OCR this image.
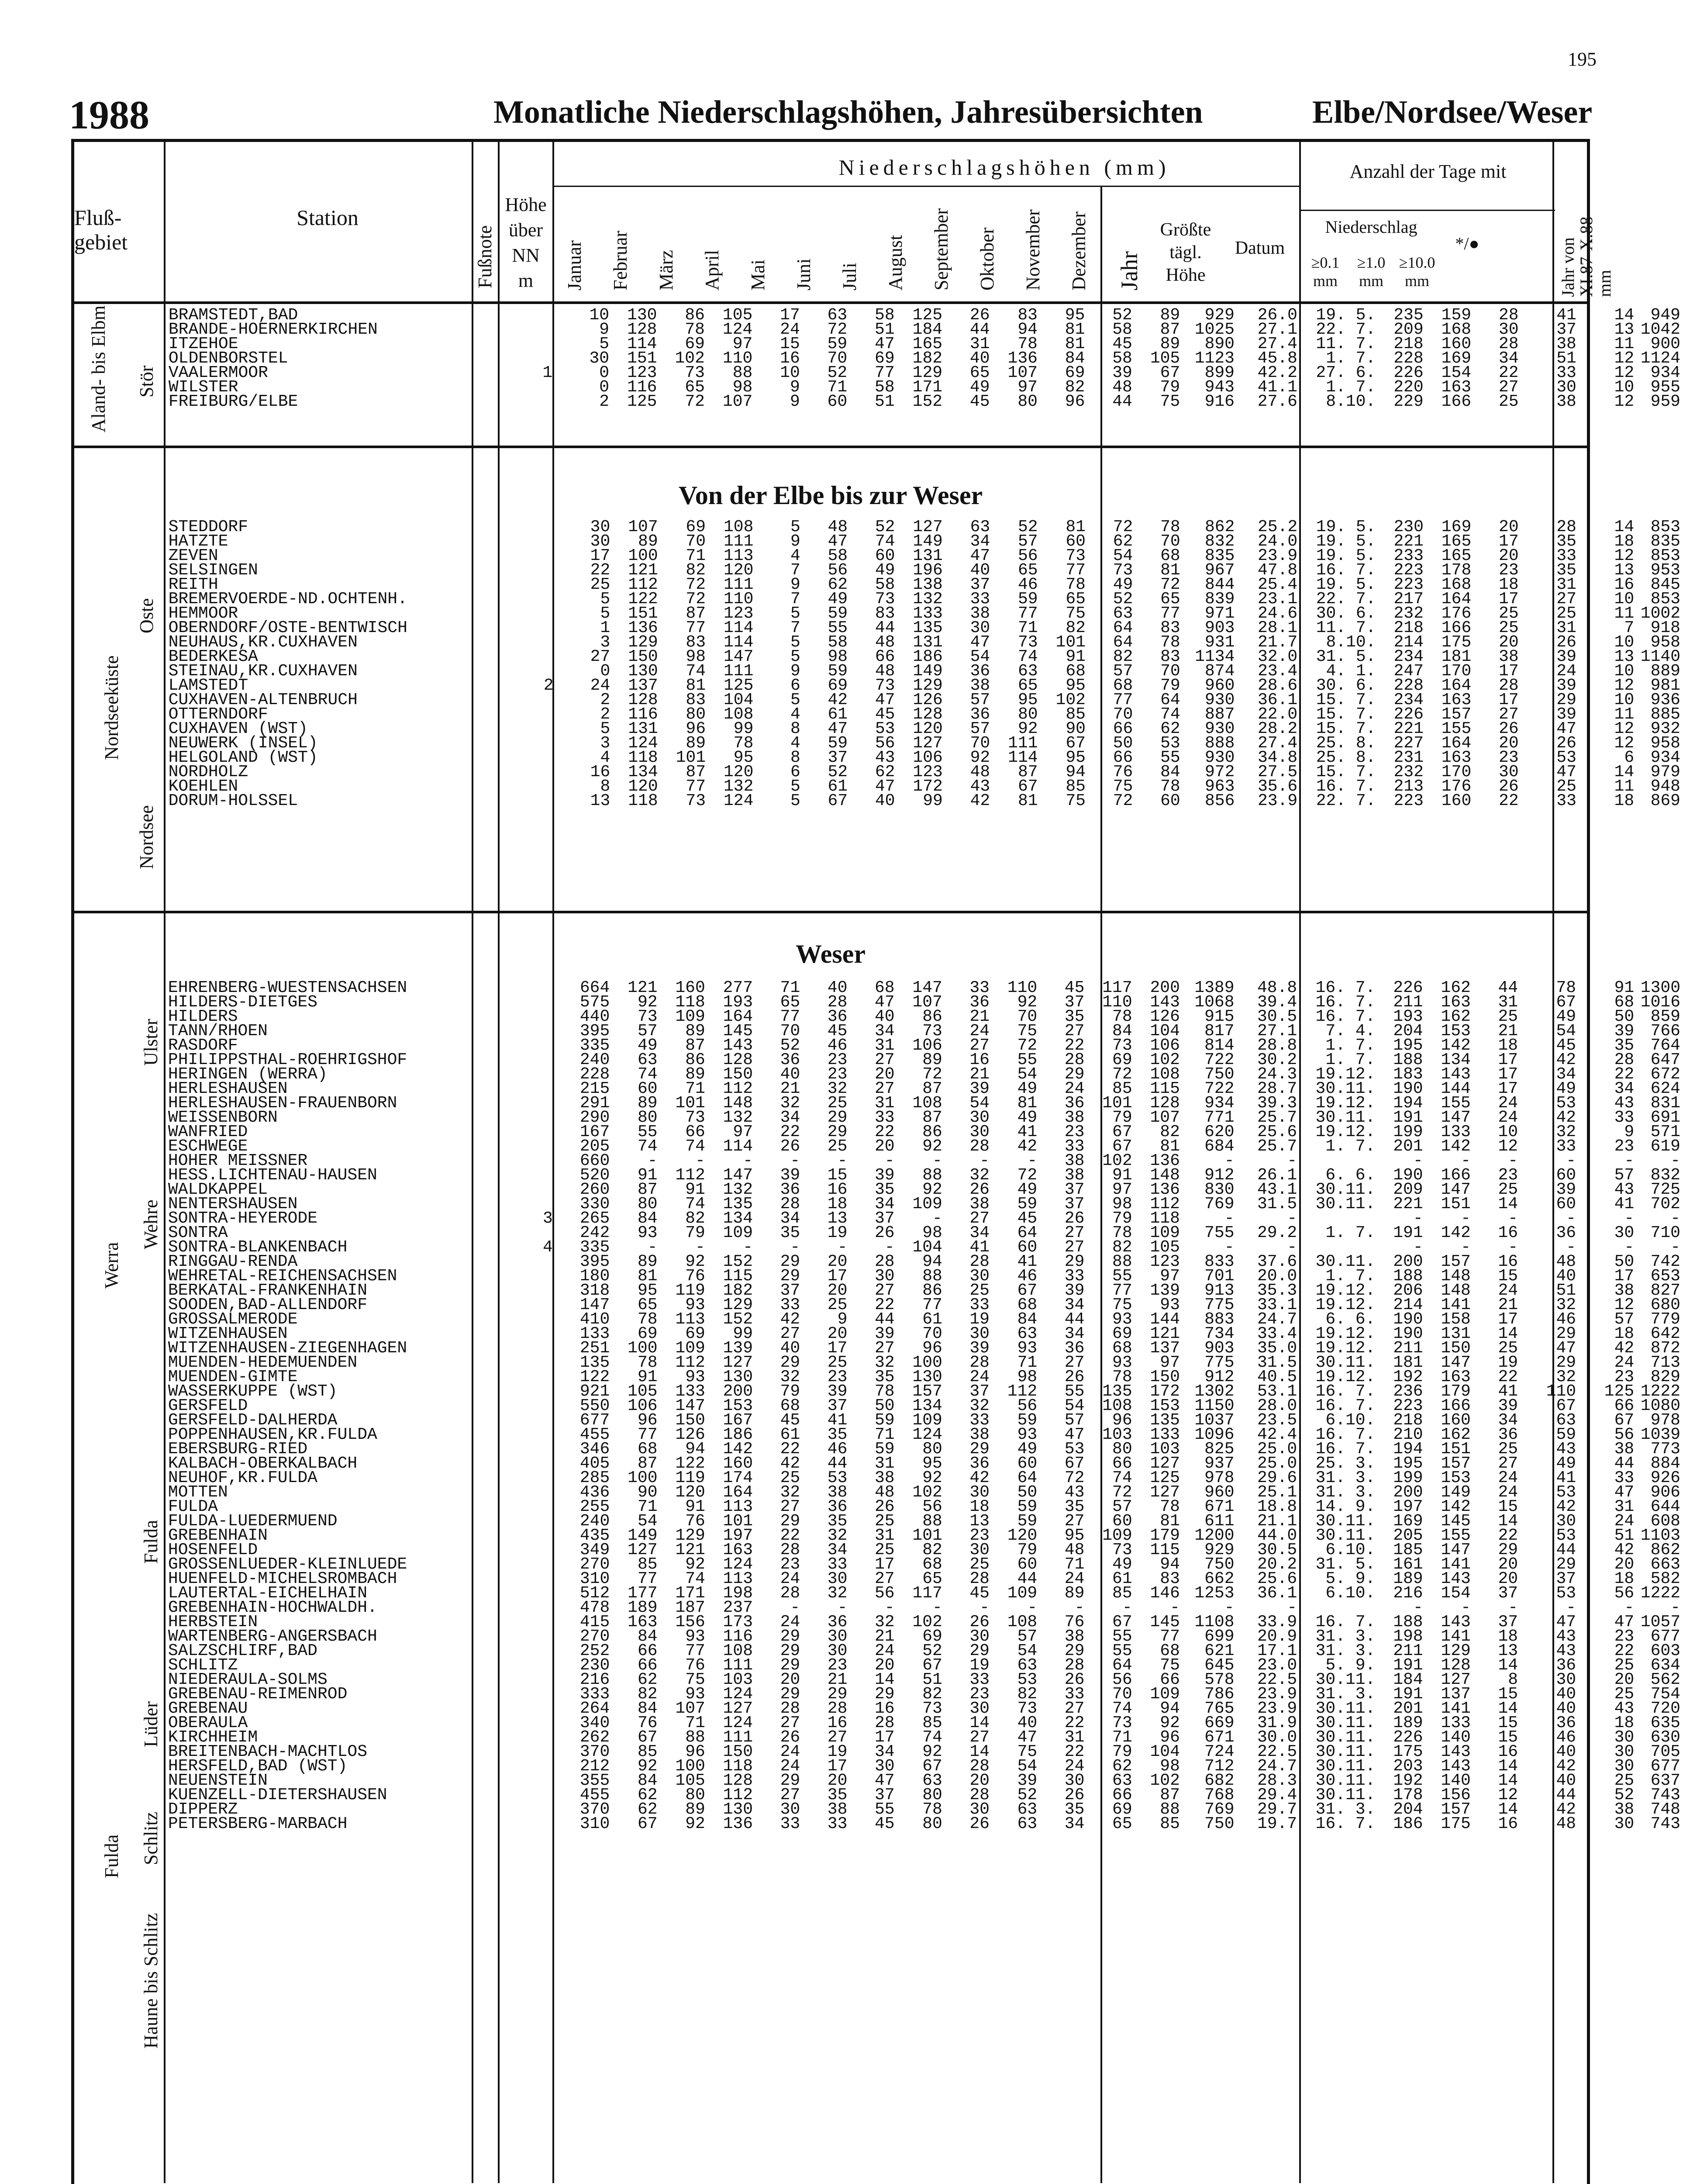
195
1988	Monatliche Niederschlagshöhen, Jahresübersichten	Elbe/Nordsee/Weser
Fluß-
gebiet
Station
Fußnote
Höhe
über
NN
m
Niederschlagshöhen (mm)
Januar Februar März April Mai Juni Juli August September Oktober November Dezember Jahr
Größte
tägl.
Höhe
Datum
Anzahl der Tage mit
Niederschlag
≥0.1
mm
≥1.0
mm
≥10.0
mm
*/●	✱⃞
Jahr von
XI.87-X.88
mm
Von der Elbe bis zur Weser
Weser
Aland- bis Elbm. Stör
Nordseeküste
Oste
Nordsee
Werra
Ulster
Wehre
Fulda
Lüder
Fulda Schlitz
Haune bis Schlitz
	BRAMSTEDT,BAD		10	130	86	105	17	63	58	125	26	83	95	52	89	929	26.0	19. 5.	235	159	28	41	14	949
	BRANDE-HOERNERKIRCHEN		9	128	78	124	24	72	51	184	44	94	81	58	87	1025	27.1	22. 7.	209	168	30	37	13	1042
	ITZEHOE		5	114	69	97	15	59	47	165	31	78	81	45	89	890	27.4	11. 7.	218	160	28	38	11	900
	OLDENBORSTEL		30	151	102	110	16	70	69	182	40	136	84	58	105	1123	45.8	1. 7.	228	169	34	51	12	1124
	VAALERMOOR	1	0	123	73	88	10	52	77	129	65	107	69	39	67	899	42.2	27. 6.	226	154	22	33	12	934
	WILSTER		0	116	65	98	9	71	58	171	49	97	82	48	79	943	41.1	1. 7.	220	163	27	30	10	955
	FREIBURG/ELBE		2	125	72	107	9	60	51	152	45	80	96	44	75	916	27.6	8.10.	229	166	25	38	12	959
	STEDDORF		30	107	69	108	5	48	52	127	63	52	81	72	78	862	25.2	19. 5.	230	169	20	28	14	853
	HATZTE		30	89	70	111	9	47	74	149	34	57	60	62	70	832	24.0	19. 5.	221	165	17	35	18	835
	ZEVEN		17	100	71	113	4	58	60	131	47	56	73	54	68	835	23.9	19. 5.	233	165	20	33	12	853
	SELSINGEN		22	121	82	120	7	56	49	196	40	65	77	73	81	967	47.8	16. 7.	223	178	23	35	13	953
	REITH		25	112	72	111	9	62	58	138	37	46	78	49	72	844	25.4	19. 5.	223	168	18	31	16	845
	BREMERVOERDE-ND.OCHTENH.		5	122	72	110	7	49	73	132	33	59	65	52	65	839	23.1	22. 7.	217	164	17	27	10	853
	HEMMOOR		5	151	87	123	5	59	83	133	38	77	75	63	77	971	24.6	30. 6.	232	176	25	25	11	1002
	OBERNDORF/OSTE-BENTWISCH		1	136	77	114	7	55	44	135	30	71	82	64	83	903	28.1	11. 7.	218	166	25	31	7	918
	NEUHAUS,KR.CUXHAVEN		3	129	83	114	5	58	48	131	47	73	101	64	78	931	21.7	8.10.	214	175	20	26	10	958
	BEDERKESA		27	150	98	147	5	98	66	186	54	74	91	82	83	1134	32.0	31. 5.	234	181	38	39	13	1140
	STEINAU,KR.CUXHAVEN		0	130	74	111	9	59	48	149	36	63	68	57	70	874	23.4	4. 1.	247	170	17	24	10	889
	LAMSTEDT	2	24	137	81	125	6	69	73	129	38	65	95	68	79	960	28.6	30. 6.	228	164	28	39	12	981
	CUXHAVEN-ALTENBRUCH		2	128	83	104	5	42	47	126	57	95	102	77	64	930	36.1	15. 7.	234	163	17	29	10	936
	OTTERNDORF		2	116	80	108	4	61	45	128	36	80	85	70	74	887	22.0	15. 7.	226	157	27	39	11	885
	CUXHAVEN (WST)		5	131	96	99	8	47	53	120	57	92	90	66	62	930	28.2	15. 7.	221	155	26	47	12	932
	NEUWERK (INSEL)		3	124	89	78	4	59	56	127	70	111	67	50	53	888	27.4	25. 8.	227	164	20	26	12	958
	HELGOLAND (WST)		4	118	101	95	8	37	43	106	92	114	95	66	55	930	34.8	25. 8.	231	163	23	53	6	934
	NORDHOLZ		16	134	87	120	6	52	62	123	48	87	94	76	84	972	27.5	15. 7.	232	170	30	47	14	979
	KOEHLEN		8	120	77	132	5	61	47	172	43	67	85	75	78	963	35.6	16. 7.	213	176	26	25	11	948
	DORUM-HOLSSEL		13	118	73	124	5	67	40	99	42	81	75	72	60	856	23.9	22. 7.	223	160	22	33	18	869
	EHRENBERG-WUESTENSACHSEN		664	121	160	277	71	40	68	147	33	110	45	117	200	1389	48.8	16. 7.	226	162	44	78	91	1300
	HILDERS-DIETGES		575	92	118	193	65	28	47	107	36	92	37	110	143	1068	39.4	16. 7.	211	163	31	67	68	1016
	HILDERS		440	73	109	164	77	36	40	86	21	70	35	78	126	915	30.5	16. 7.	193	162	25	49	50	859
	TANN/RHOEN		395	57	89	145	70	45	34	73	24	75	27	84	104	817	27.1	7. 4.	204	153	21	54	39	766
	RASDORF		335	49	87	143	52	46	31	106	27	72	22	73	106	814	28.8	1. 7.	195	142	18	45	35	764
	PHILIPPSTHAL-ROEHRIGSHOF		240	63	86	128	36	23	27	89	16	55	28	69	102	722	30.2	1. 7.	188	134	17	42	28	647
	HERINGEN (WERRA)		228	74	89	150	40	23	20	72	21	54	29	72	108	750	24.3	19.12.	183	143	17	34	22	672
	HERLESHAUSEN		215	60	71	112	21	32	27	87	39	49	24	85	115	722	28.7	30.11.	190	144	17	49	34	624
	HERLESHAUSEN-FRAUENBORN		291	89	101	148	32	25	31	108	54	81	36	101	128	934	39.3	19.12.	194	155	24	53	43	831
	WEISSENBORN		290	80	73	132	34	29	33	87	30	49	38	79	107	771	25.7	30.11.	191	147	24	42	33	691
	WANFRIED		167	55	66	97	22	29	22	86	30	41	23	67	82	620	25.6	19.12.	199	133	10	32	9	571
	ESCHWEGE		205	74	74	114	26	25	20	92	28	42	33	67	81	684	25.7	1. 7.	201	142	12	33	23	619
	HOHER MEISSNER		660	-	-	-	-	-	-	-	-	-	38	102	136	-	-		-	-	-	-	-	-
	HESS.LICHTENAU-HAUSEN		520	91	112	147	39	15	39	88	32	72	38	91	148	912	26.1	6. 6.	190	166	23	60	57	832
	WALDKAPPEL		260	87	91	132	36	16	35	92	26	49	37	97	136	830	43.1	30.11.	209	147	25	39	43	725
	NENTERSHAUSEN		330	80	74	135	28	18	34	109	38	59	37	98	112	769	31.5	30.11.	221	151	14	60	41	702
	SONTRA-HEYERODE	3	265	84	82	134	34	13	37	-	27	45	26	79	118	-	-		-	-	-	-	-	-
	SONTRA		242	93	79	109	35	19	26	98	34	64	27	78	109	755	29.2	1. 7.	191	142	16	36	30	710
	SONTRA-BLANKENBACH	4	335	-	-	-	-	-	-	104	41	60	27	82	105	-	-		-	-	-	-	-	-
	RINGGAU-RENDA		395	89	92	152	29	20	28	94	28	41	29	88	123	833	37.6	30.11.	200	157	16	48	50	742
	WEHRETAL-REICHENSACHSEN		180	81	76	115	29	17	30	88	30	46	33	55	97	701	20.0	1. 7.	188	148	15	40	17	653
	BERKATAL-FRANKENHAIN		318	95	119	182	37	20	27	86	25	67	39	77	139	913	35.3	19.12.	206	148	24	51	38	827
	SOODEN,BAD-ALLENDORF		147	65	93	129	33	25	22	77	33	68	34	75	93	775	33.1	19.12.	214	141	21	32	12	680
	GROSSALMERODE		410	78	113	152	42	9	44	61	19	84	44	93	144	883	24.7	6. 6.	190	158	17	46	57	779
	WITZENHAUSEN		133	69	69	99	27	20	39	70	30	63	34	69	121	734	33.4	19.12.	190	131	14	29	18	642
	WITZENHAUSEN-ZIEGENHAGEN		251	100	109	139	40	17	27	96	39	93	36	68	137	903	35.0	19.12.	211	150	25	47	42	872
	MUENDEN-HEDEMUENDEN		135	78	112	127	29	25	32	100	28	71	27	93	97	775	31.5	30.11.	181	147	19	29	24	713
	MUENDEN-GIMTE		122	91	93	130	32	23	35	130	24	98	26	78	150	912	40.5	19.12.	192	163	22	32	23	829
	WASSERKUPPE (WST)		921	105	133	200	79	39	78	157	37	112	55	135	172	1302	53.1	16. 7.	236	179	41	110	125	1222
	GERSFELD		550	106	147	153	68	37	50	134	32	56	54	108	153	1150	28.0	16. 7.	223	166	39	67	66	1080
	GERSFELD-DALHERDA		677	96	150	167	45	41	59	109	33	59	57	96	135	1037	23.5	6.10.	218	160	34	63	67	978
	POPPENHAUSEN,KR.FULDA		455	77	126	186	61	35	71	124	38	93	47	103	133	1096	42.4	16. 7.	210	162	36	59	56	1039
	EBERSBURG-RIED		346	68	94	142	22	46	59	80	29	49	53	80	103	825	25.0	16. 7.	194	151	25	43	38	773
	KALBACH-OBERKALBACH		405	87	122	160	42	44	31	95	36	60	67	66	127	937	25.0	25. 3.	195	157	27	49	44	884
	NEUHOF,KR.FULDA		285	100	119	174	25	53	38	92	42	64	72	74	125	978	29.6	31. 3.	199	153	24	41	33	926
	MOTTEN		436	90	120	164	32	38	48	102	30	50	43	72	127	960	25.1	31. 3.	200	149	24	53	47	906
	FULDA		255	71	91	113	27	36	26	56	18	59	35	57	78	671	18.8	14. 9.	197	142	15	42	31	644
	FULDA-LUEDERMUEND		240	54	76	101	29	35	25	88	13	59	27	60	81	611	21.1	30.11.	169	145	14	30	24	608
	GREBENHAIN		435	149	129	197	22	32	31	101	23	120	95	109	179	1200	44.0	30.11.	205	155	22	53	51	1103
	HOSENFELD		349	127	121	163	28	34	25	82	30	79	48	73	115	929	30.5	6.10.	185	147	29	44	42	862
	GROSSENLUEDER-KLEINLUEDE		270	85	92	124	23	33	17	68	25	60	71	49	94	750	20.2	31. 5.	161	141	20	29	20	663
	HUENFELD-MICHELSROMBACH		310	77	74	113	24	30	27	65	28	44	24	61	83	662	25.6	5. 9.	189	143	20	37	18	582
	LAUTERTAL-EICHELHAIN		512	177	171	198	28	32	56	117	45	109	89	85	146	1253	36.1	6.10.	216	154	37	53	56	1222
	GREBENHAIN-HOCHWALDH.		478	189	187	237	-	-	-	-	-	-	-	-	-	-	-		-	-	-	-	-	-
	HERBSTEIN		415	163	156	173	24	36	32	102	26	108	76	67	145	1108	33.9	16. 7.	188	143	37	47	47	1057
	WARTENBERG-ANGERSBACH		270	84	93	116	29	30	21	69	30	57	38	55	77	699	20.9	31. 3.	198	141	18	43	23	677
	SALZSCHLIRF,BAD		252	66	77	108	29	30	24	52	29	54	29	55	68	621	17.1	31. 3.	211	129	13	43	22	603
	SCHLITZ		230	66	76	111	29	23	20	67	19	63	28	64	75	645	23.0	5. 9.	191	128	14	36	25	634
	NIEDERAULA-SOLMS		216	62	75	103	20	21	14	51	33	53	26	56	66	578	22.5	30.11.	184	127	8	30	20	562
	GREBENAU-REIMENROD		333	82	93	124	29	29	29	82	23	82	33	70	109	786	23.9	31. 3.	191	137	15	40	25	754
	GREBENAU		264	84	107	127	28	28	16	73	30	73	27	74	94	765	23.9	30.11.	201	141	14	40	43	720
	OBERAULA		340	76	71	124	27	16	28	85	14	40	22	73	92	669	31.9	30.11.	189	133	15	36	18	635
	KIRCHHEIM		262	67	88	111	26	27	17	74	27	47	31	71	96	671	30.0	30.11.	226	140	15	46	30	630
	BREITENBACH-MACHTLOS		370	85	96	150	24	19	34	92	14	75	22	79	104	724	22.5	30.11.	175	143	16	40	30	705
	HERSFELD,BAD (WST)		212	92	100	118	24	17	30	67	28	54	24	62	98	712	24.7	30.11.	203	143	14	42	30	677
	NEUENSTEIN		355	84	105	128	29	20	47	63	20	39	30	63	102	682	28.3	30.11.	192	140	14	40	25	637
	KUENZELL-DIETERSHAUSEN		455	62	80	112	27	35	37	80	28	52	26	66	87	768	29.4	30.11.	178	156	12	44	52	743
	DIPPERZ		370	62	89	130	30	38	55	78	30	63	35	69	88	769	29.7	31. 3.	204	157	14	42	38	748
	PETERSBERG-MARBACH		310	67	92	136	33	33	45	80	26	63	34	65	85	750	19.7	16. 7.	186	175	16	48	30	743
